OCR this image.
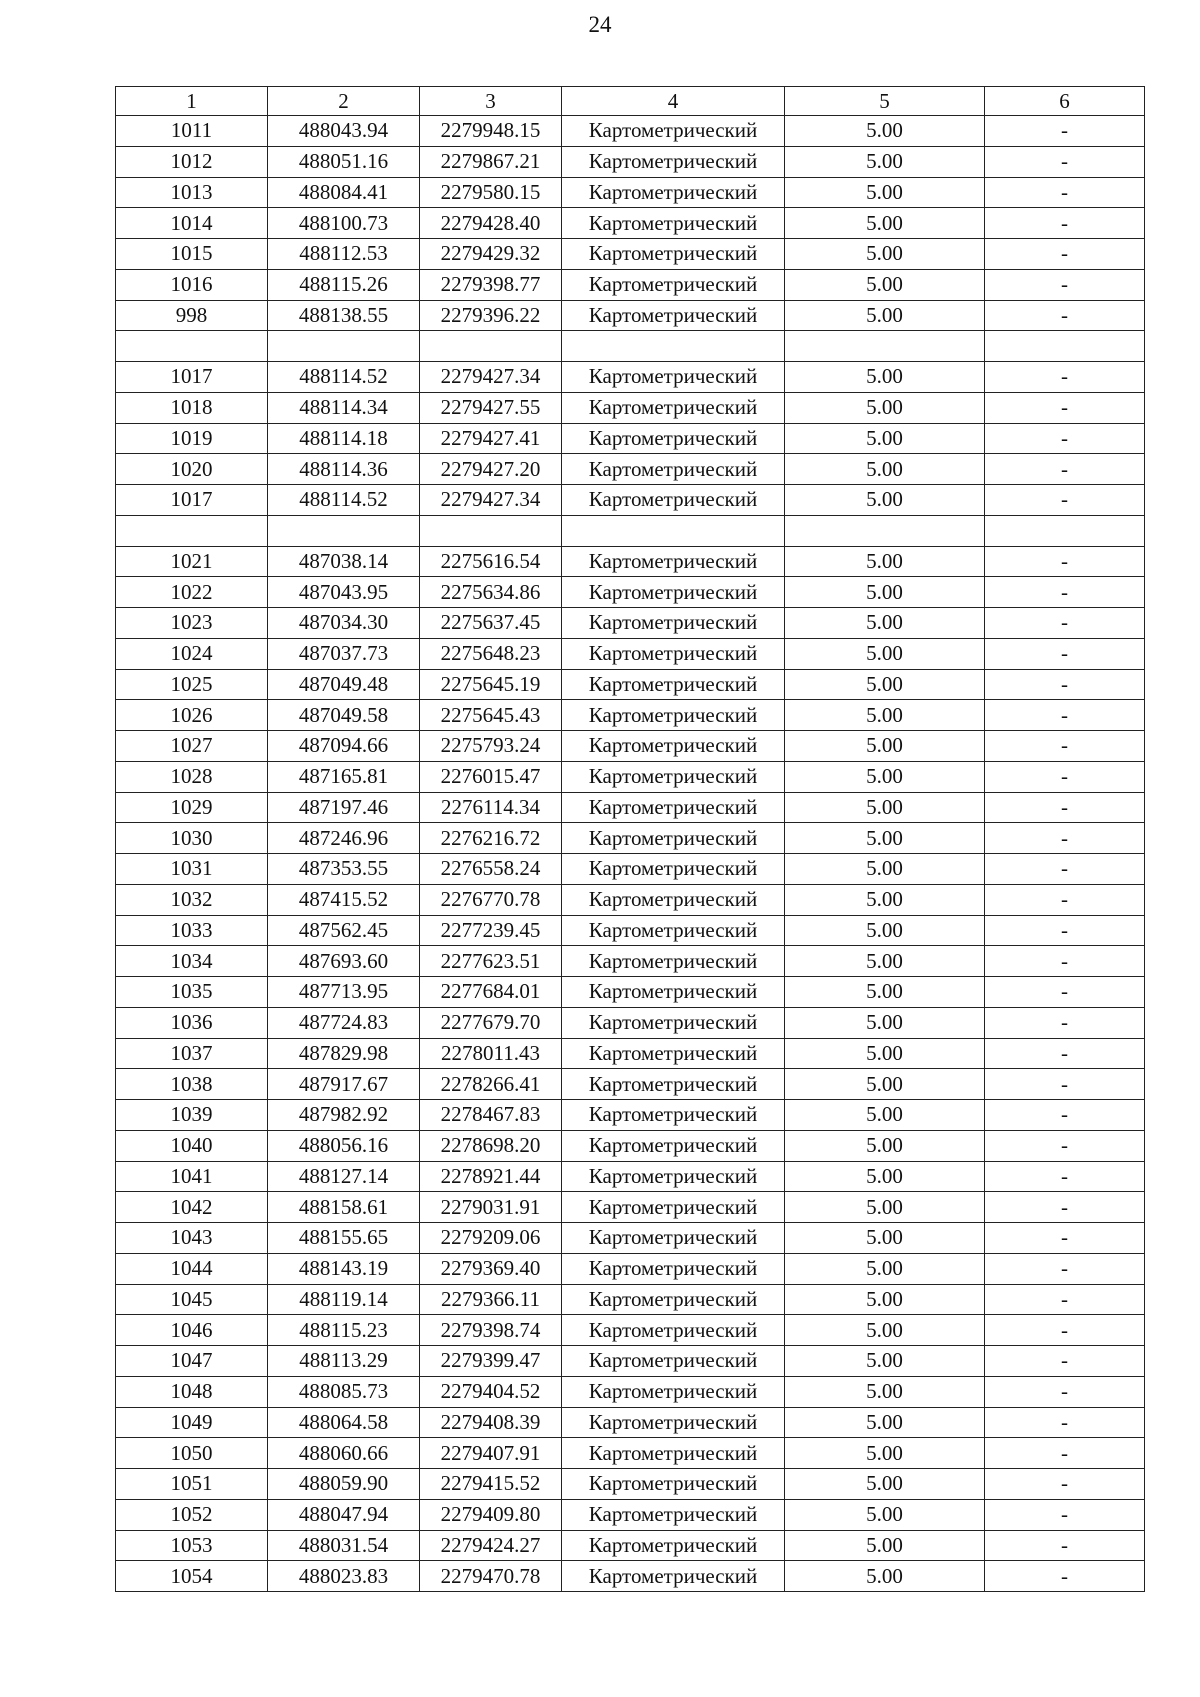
24
1	2	3	4	5	6
1011	488043.94	2279948.15	Картометрический	5.00	-
1012	488051.16	2279867.21	Картометрический	5.00	-
1013	488084.41	2279580.15	Картометрический	5.00	-
1014	488100.73	2279428.40	Картометрический	5.00	-
1015	488112.53	2279429.32	Картометрический	5.00	-
1016	488115.26	2279398.77	Картометрический	5.00	-
998	488138.55	2279396.22	Картометрический	5.00	-

1017	488114.52	2279427.34	Картометрический	5.00	-
1018	488114.34	2279427.55	Картометрический	5.00	-
1019	488114.18	2279427.41	Картометрический	5.00	-
1020	488114.36	2279427.20	Картометрический	5.00	-
1017	488114.52	2279427.34	Картометрический	5.00	-

1021	487038.14	2275616.54	Картометрический	5.00	-
1022	487043.95	2275634.86	Картометрический	5.00	-
1023	487034.30	2275637.45	Картометрический	5.00	-
1024	487037.73	2275648.23	Картометрический	5.00	-
1025	487049.48	2275645.19	Картометрический	5.00	-
1026	487049.58	2275645.43	Картометрический	5.00	-
1027	487094.66	2275793.24	Картометрический	5.00	-
1028	487165.81	2276015.47	Картометрический	5.00	-
1029	487197.46	2276114.34	Картометрический	5.00	-
1030	487246.96	2276216.72	Картометрический	5.00	-
1031	487353.55	2276558.24	Картометрический	5.00	-
1032	487415.52	2276770.78	Картометрический	5.00	-
1033	487562.45	2277239.45	Картометрический	5.00	-
1034	487693.60	2277623.51	Картометрический	5.00	-
1035	487713.95	2277684.01	Картометрический	5.00	-
1036	487724.83	2277679.70	Картометрический	5.00	-
1037	487829.98	2278011.43	Картометрический	5.00	-
1038	487917.67	2278266.41	Картометрический	5.00	-
1039	487982.92	2278467.83	Картометрический	5.00	-
1040	488056.16	2278698.20	Картометрический	5.00	-
1041	488127.14	2278921.44	Картометрический	5.00	-
1042	488158.61	2279031.91	Картометрический	5.00	-
1043	488155.65	2279209.06	Картометрический	5.00	-
1044	488143.19	2279369.40	Картометрический	5.00	-
1045	488119.14	2279366.11	Картометрический	5.00	-
1046	488115.23	2279398.74	Картометрический	5.00	-
1047	488113.29	2279399.47	Картометрический	5.00	-
1048	488085.73	2279404.52	Картометрический	5.00	-
1049	488064.58	2279408.39	Картометрический	5.00	-
1050	488060.66	2279407.91	Картометрический	5.00	-
1051	488059.90	2279415.52	Картометрический	5.00	-
1052	488047.94	2279409.80	Картометрический	5.00	-
1053	488031.54	2279424.27	Картометрический	5.00	-
1054	488023.83	2279470.78	Картометрический	5.00	-
